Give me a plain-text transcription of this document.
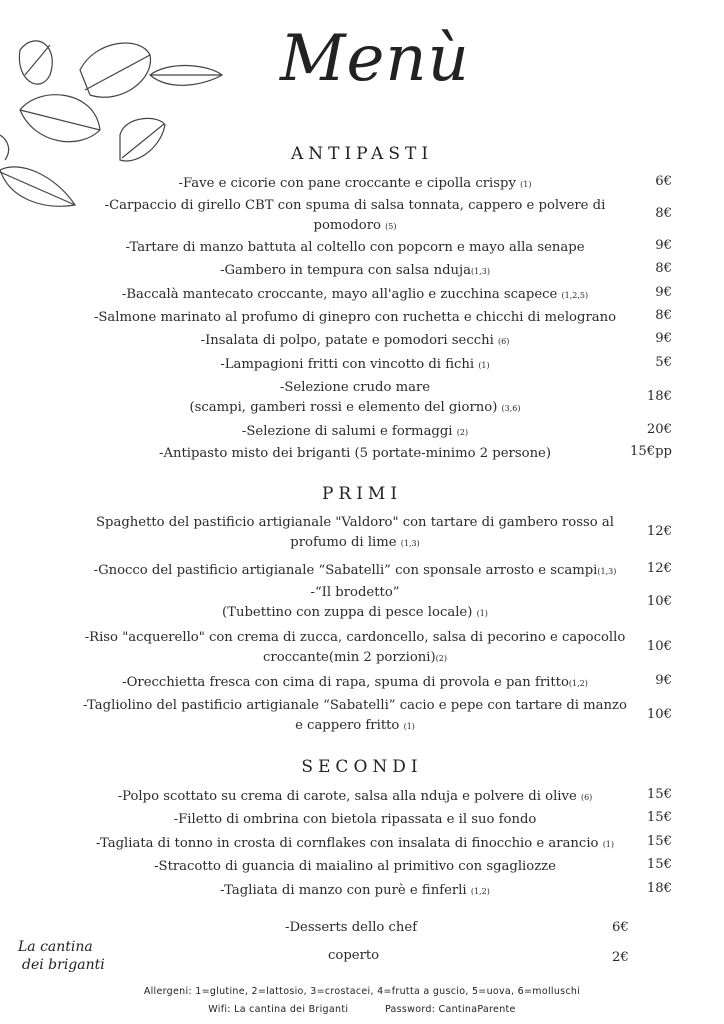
Menù
ANTIPASTI
-Fave e cicorie con pane croccante e cipolla crispy (1)	6€
-Carpaccio di girello CBT con spuma di salsa tonnata, cappero e polvere di
pomodoro (5)
8€
-Tartare di manzo battuta al coltello con popcorn e mayo alla senape	9€
-Gambero in tempura con salsa nduja(1,3)	8€
-Baccalà mantecato croccante, mayo all'aglio e zucchina scapece (1,2,5)	9€
-Salmone marinato al profumo di ginepro con ruchetta e chicchi di melograno	8€
-Insalata di polpo, patate e pomodori secchi (6)	9€
-Lampagioni fritti con vincotto di fichi (1)	5€
-Selezione crudo mare
(scampi, gamberi rossi e elemento del giorno) (3,6)
18€
-Selezione di salumi e formaggi (2)	20€
-Antipasto misto dei briganti (5 portate-minimo 2 persone)	15€pp
PRIMI
Spaghetto del pastificio artigianale "Valdoro" con tartare di gambero rosso al
profumo di lime (1,3)
12€
-Gnocco del pastificio artigianale “Sabatelli” con sponsale arrosto e scampi(1,3)	12€
-“Il brodetto”
(Tubettino con zuppa di pesce locale) (1)
10€
-Riso "acquerello" con crema di zucca, cardoncello, salsa di pecorino e capocollo
croccante(min 2 porzioni)(2)
10€
-Orecchietta fresca con cima di rapa, spuma di provola e pan fritto(1,2)	9€
-Tagliolino del pastificio artigianale “Sabatelli” cacio e pepe con tartare di manzo
e cappero fritto (1)
10€
SECONDI
-Polpo scottato su crema di carote, salsa alla nduja e polvere di olive (6)	15€
-Filetto di ombrina con bietola ripassata e il suo fondo	15€
-Tagliata di tonno in crosta di cornflakes con insalata di finocchio e arancio (1)	15€
-Stracotto di guancia di maialino al primitivo con sgagliozze	15€
-Tagliata di manzo con purè e finferli (1,2)	18€
-Desserts dello chef	6€
coperto	2€
La cantina
dei briganti
Allergeni: 1=glutine, 2=lattosio, 3=crostacei, 4=frutta a guscio, 5=uova, 6=molluschi
Wifi: La cantina dei Briganti	Password: CantinaParente
